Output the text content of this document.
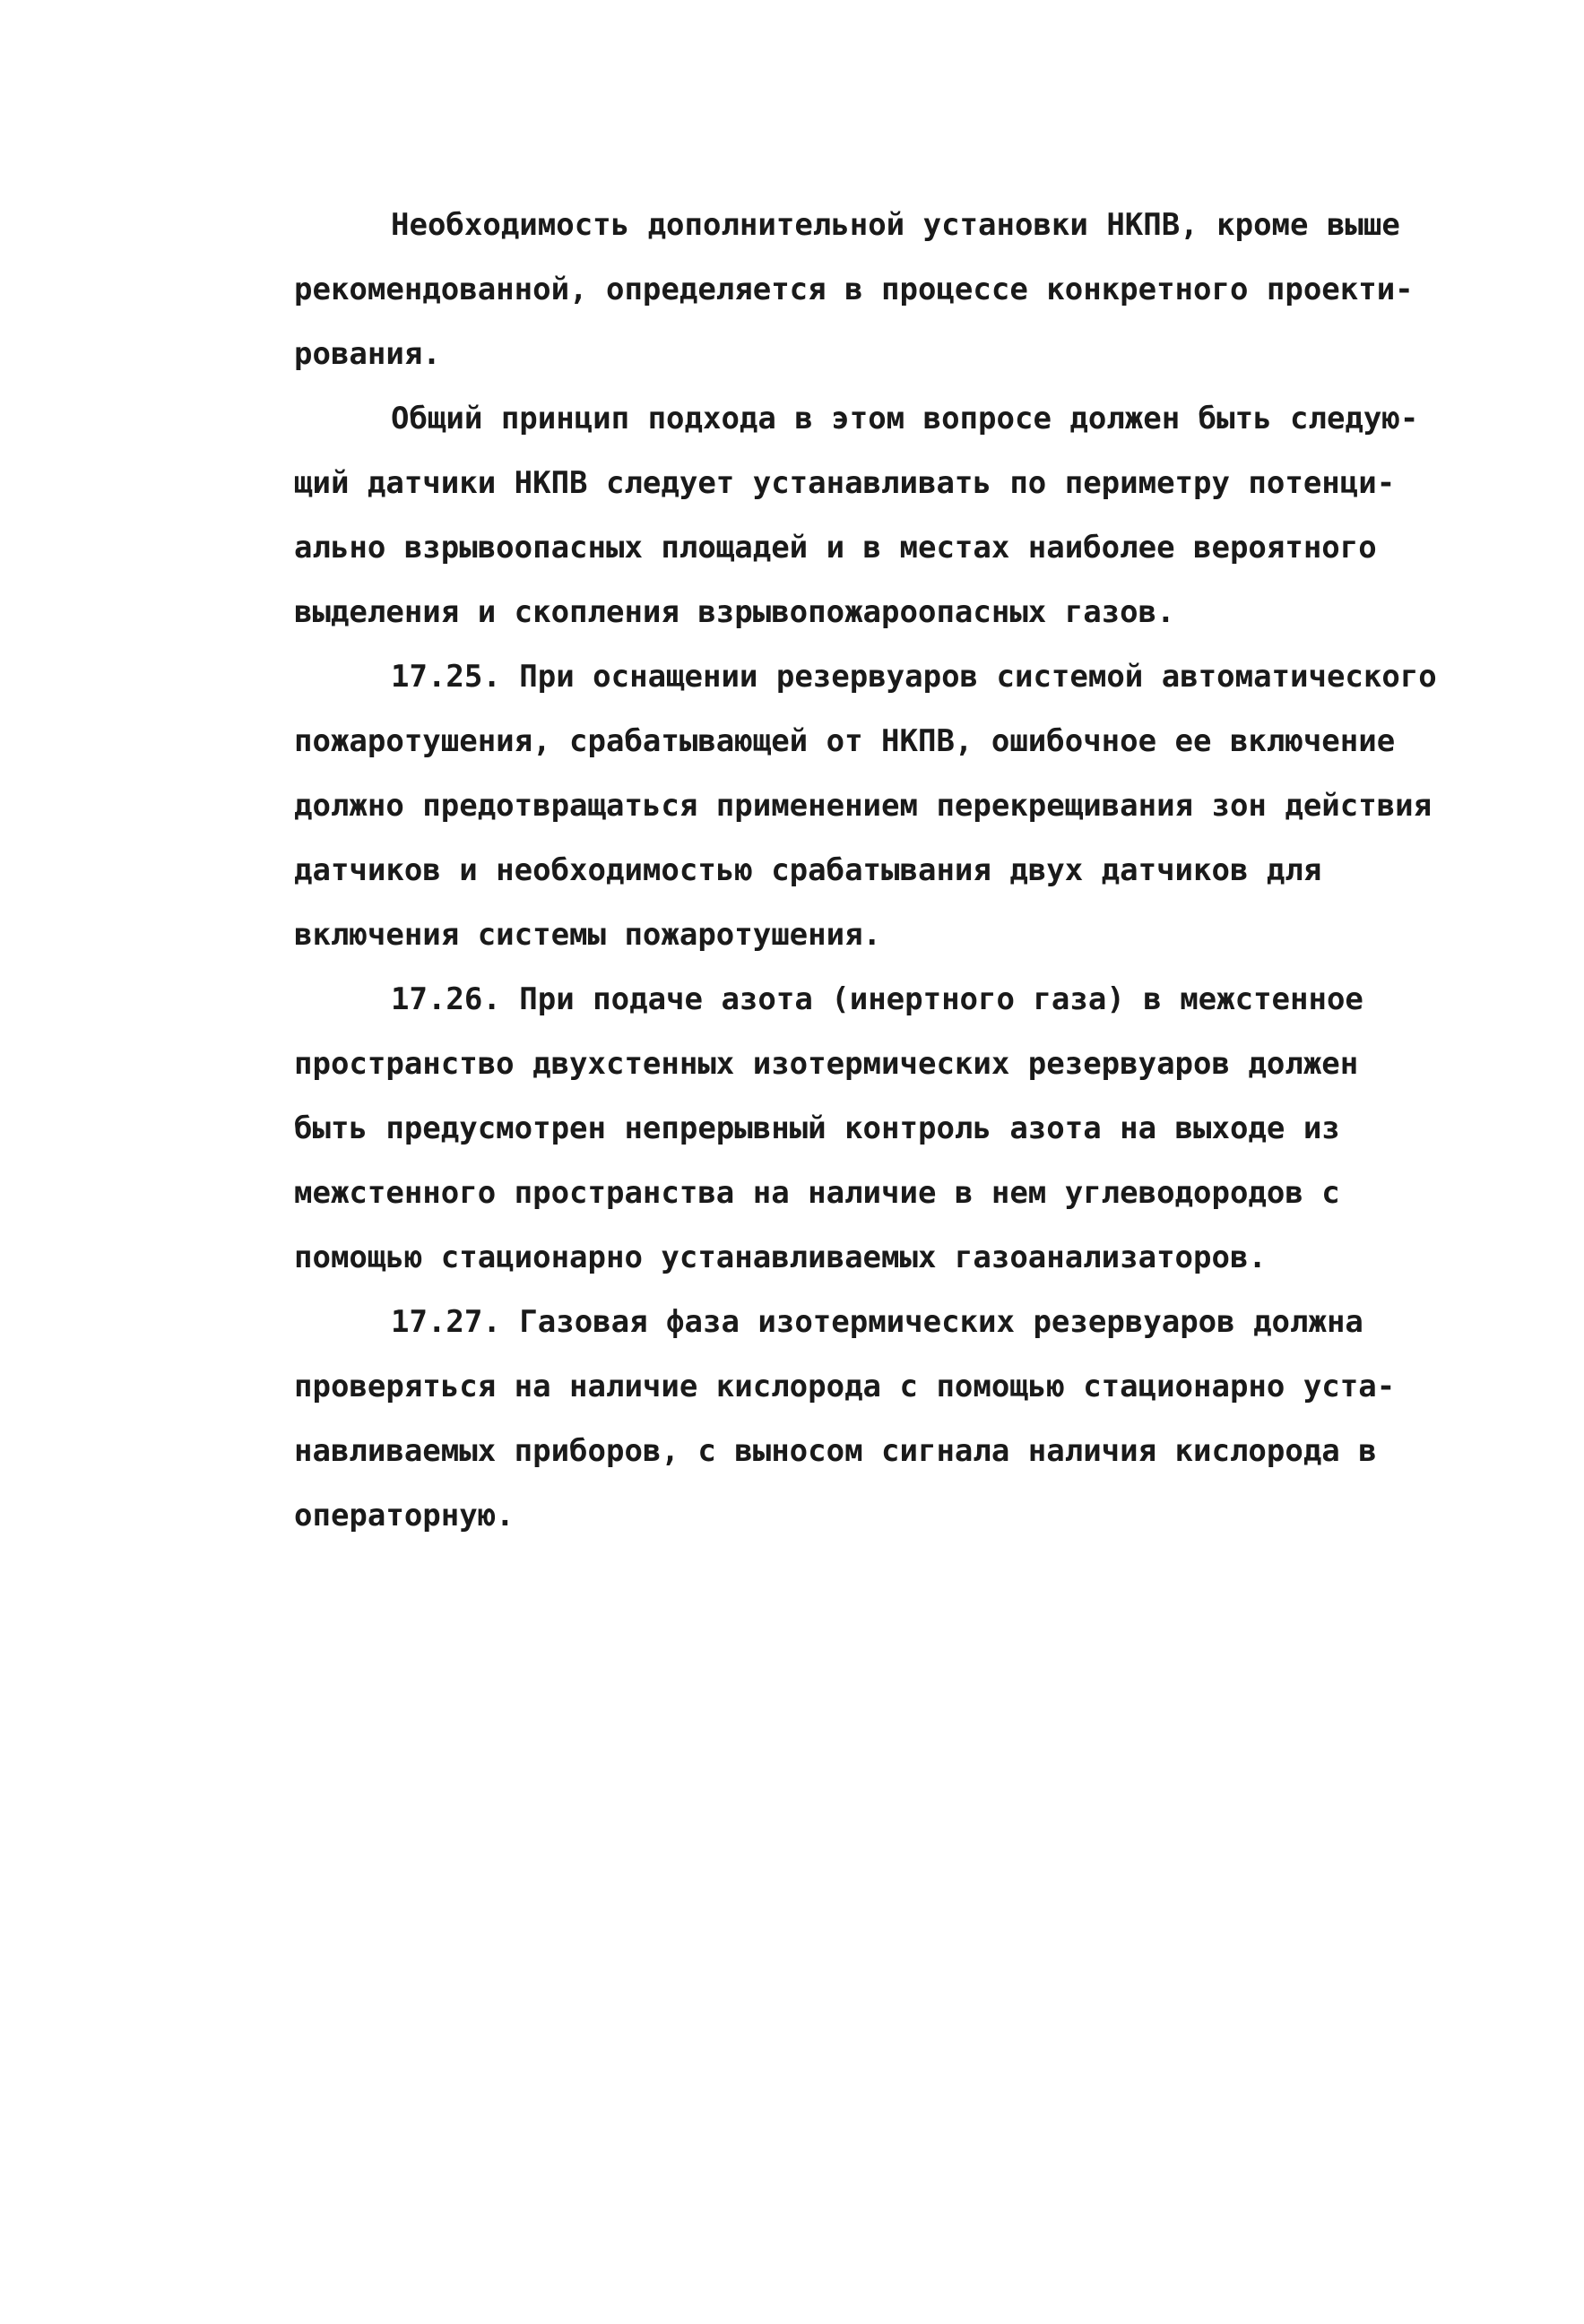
Необходимость дополнительной установки НКПВ, кроме выше
рекомендованной, определяется в процессе конкретного проекти-
рования.
Общий принцип подхода в этом вопросе должен быть следую-
щий датчики НКПВ следует устанавливать по периметру потенци-
ально взрывоопасных площадей и в местах наиболее вероятного
выделения и скопления взрывопожароопасных газов.
17.25. При оснащении резервуаров системой автоматического
пожаротушения, срабатывающей от НКПВ, ошибочное ее включение
должно предотвращаться применением перекрещивания зон действия
датчиков и необходимостью срабатывания двух датчиков для
включения системы пожаротушения.
17.26. При подаче азота (инертного газа) в межстенное
пространство двухстенных изотермических резервуаров должен
быть предусмотрен непрерывный контроль азота на выходе из
межстенного пространства на наличие в нем углеводородов с
помощью стационарно устанавливаемых газоанализаторов.
17.27. Газовая фаза изотермических резервуаров должна
проверяться на наличие кислорода с помощью стационарно уста-
навливаемых приборов, с выносом сигнала наличия кислорода в
операторную.
